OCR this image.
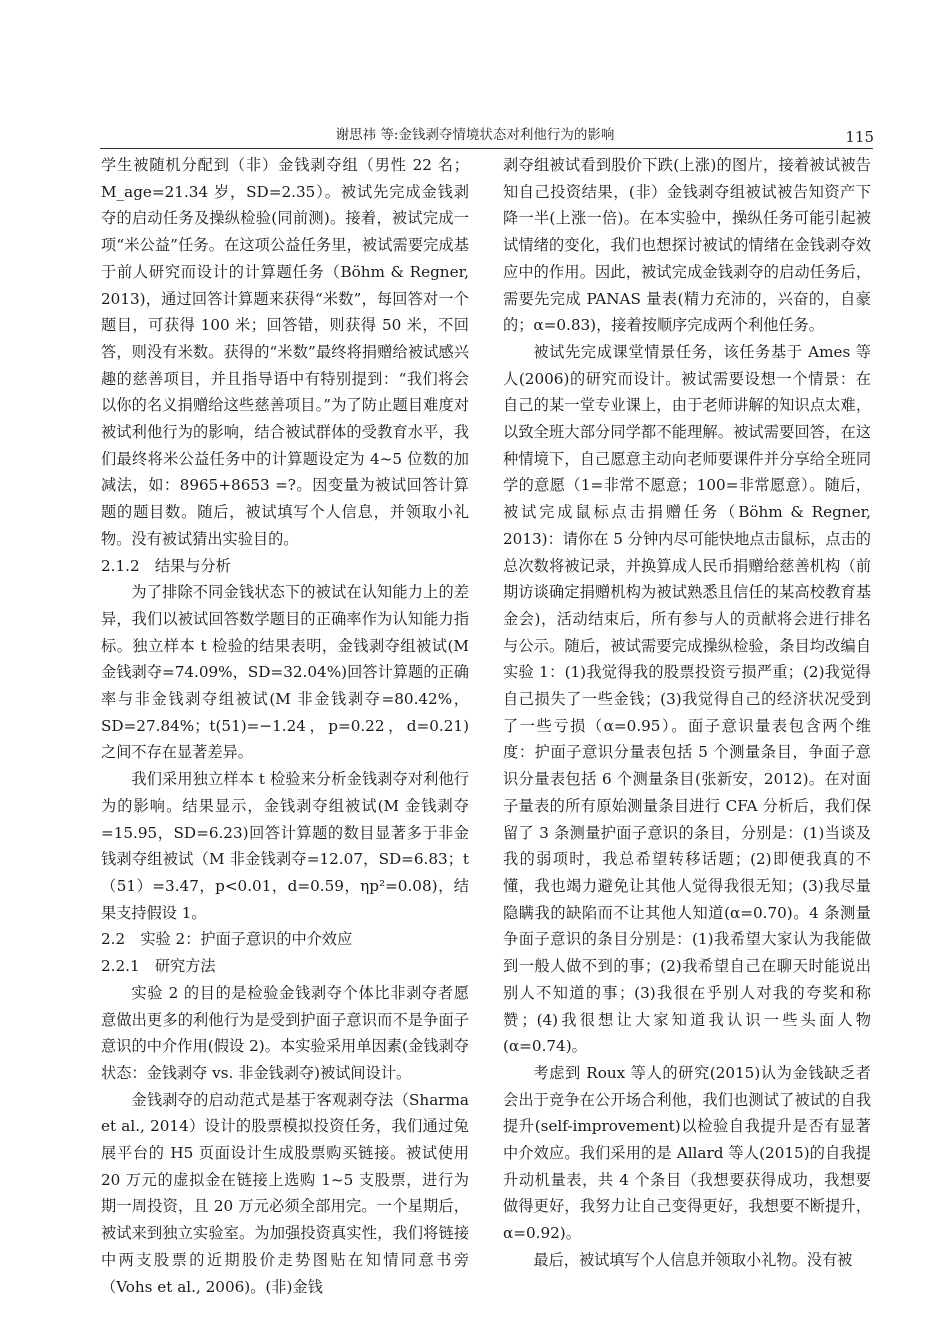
谢思祎 等:金钱剥夺情境状态对利他行为的影响	115

学生被随机分配到（非）金钱剥夺组（男性 22 名；M_age=21.34 岁，SD=2.35）。被试先完成金钱剥夺的启动任务及操纵检验(同前测)。接着，被试完成一项“米公益”任务。在这项公益任务里，被试需要完成基于前人研究而设计的计算题任务（Böhm & Regner, 2013)，通过回答计算题来获得“米数”，每回答对一个题目，可获得 100 米；回答错，则获得 50 米，不回答，则没有米数。获得的“米数”最终将捐赠给被试感兴趣的慈善项目，并且指导语中有特别提到：“我们将会以你的名义捐赠给这些慈善项目。”为了防止题目难度对被试利他行为的影响，结合被试群体的受教育水平，我们最终将米公益任务中的计算题设定为 4~5 位数的加减法，如：8965+8653 =?。因变量为被试回答计算题的题目数。随后，被试填写个人信息，并领取小礼物。没有被试猜出实验目的。

2.1.2　结果与分析

为了排除不同金钱状态下的被试在认知能力上的差异，我们以被试回答数学题目的正确率作为认知能力指标。独立样本 t 检验的结果表明，金钱剥夺组被试(M 金钱剥夺=74.09%，SD=32.04%)回答计算题的正确率与非金钱剥夺组被试(M 非金钱剥夺=80.42%，SD=27.84%；t(51)=−1.24，p=0.22，d=0.21)之间不存在显著差异。

我们采用独立样本 t 检验来分析金钱剥夺对利他行为的影响。结果显示，金钱剥夺组被试(M 金钱剥夺=15.95，SD=6.23)回答计算题的数目显著多于非金钱剥夺组被试（M 非金钱剥夺=12.07，SD=6.83；t（51）=3.47，p<0.01，d=0.59，ηp²=0.08)，结果支持假设 1。

2.2　实验 2：护面子意识的中介效应
2.2.1　研究方法

实验 2 的目的是检验金钱剥夺个体比非剥夺者愿意做出更多的利他行为是受到护面子意识而不是争面子意识的中介作用(假设 2)。本实验采用单因素(金钱剥夺状态：金钱剥夺 vs. 非金钱剥夺)被试间设计。

金钱剥夺的启动范式是基于客观剥夺法（Sharma et al., 2014）设计的股票模拟投资任务，我们通过兔展平台的 H5 页面设计生成股票购买链接。被试使用 20 万元的虚拟金在链接上选购 1~5 支股票，进行为期一周投资，且 20 万元必须全部用完。一个星期后，被试来到独立实验室。为加强投资真实性，我们将链接中两支股票的近期股价走势图贴在知情同意书旁（Vohs et al., 2006)。(非)金钱

剥夺组被试看到股价下跌(上涨)的图片，接着被试被告知自己投资结果，(非）金钱剥夺组被试被告知资产下降一半(上涨一倍)。在本实验中，操纵任务可能引起被试情绪的变化，我们也想探讨被试的情绪在金钱剥夺效应中的作用。因此，被试完成金钱剥夺的启动任务后，需要先完成 PANAS 量表(精力充沛的，兴奋的，自豪的；α=0.83)，接着按顺序完成两个利他任务。

被试先完成课堂情景任务，该任务基于 Ames 等人(2006)的研究而设计。被试需要设想一个情景：在自己的某一堂专业课上，由于老师讲解的知识点太难，以致全班大部分同学都不能理解。被试需要回答，在这种情境下，自己愿意主动向老师要课件并分享给全班同学的意愿（1=非常不愿意；100=非常愿意）。随后，被试完成鼠标点击捐赠任务（Böhm & Regner, 2013)：请你在 5 分钟内尽可能快地点击鼠标，点击的总次数将被记录，并换算成人民币捐赠给慈善机构（前期访谈确定捐赠机构为被试熟悉且信任的某高校教育基金会)，活动结束后，所有参与人的贡献将会进行排名与公示。随后，被试需要完成操纵检验，条目均改编自实验 1：(1)我觉得我的股票投资亏损严重；(2)我觉得自己损失了一些金钱；(3)我觉得自己的经济状况受到了一些亏损（α=0.95）。面子意识量表包含两个维度：护面子意识分量表包括 5 个测量条目，争面子意识分量表包括 6 个测量条目(张新安，2012)。在对面子量表的所有原始测量条目进行 CFA 分析后，我们保留了 3 条测量护面子意识的条目，分别是：(1)当谈及我的弱项时，我总希望转移话题；(2)即便我真的不懂，我也竭力避免让其他人觉得我很无知；(3)我尽量隐瞒我的缺陷而不让其他人知道(α=0.70)。4 条测量争面子意识的条目分别是：(1)我希望大家认为我能做到一般人做不到的事；(2)我希望自己在聊天时能说出别人不知道的事；(3)我很在乎别人对我的夸奖和称赞；(4)我很想让大家知道我认识一些头面人物(α=0.74)。

考虑到 Roux 等人的研究(2015)认为金钱缺乏者会出于竞争在公开场合利他，我们也测试了被试的自我提升(self-improvement)以检验自我提升是否有显著中介效应。我们采用的是 Allard 等人(2015)的自我提升动机量表，共 4 个条目（我想要获得成功，我想要做得更好，我努力让自己变得更好，我想要不断提升，α=0.92)。

最后，被试填写个人信息并领取小礼物。没有被
